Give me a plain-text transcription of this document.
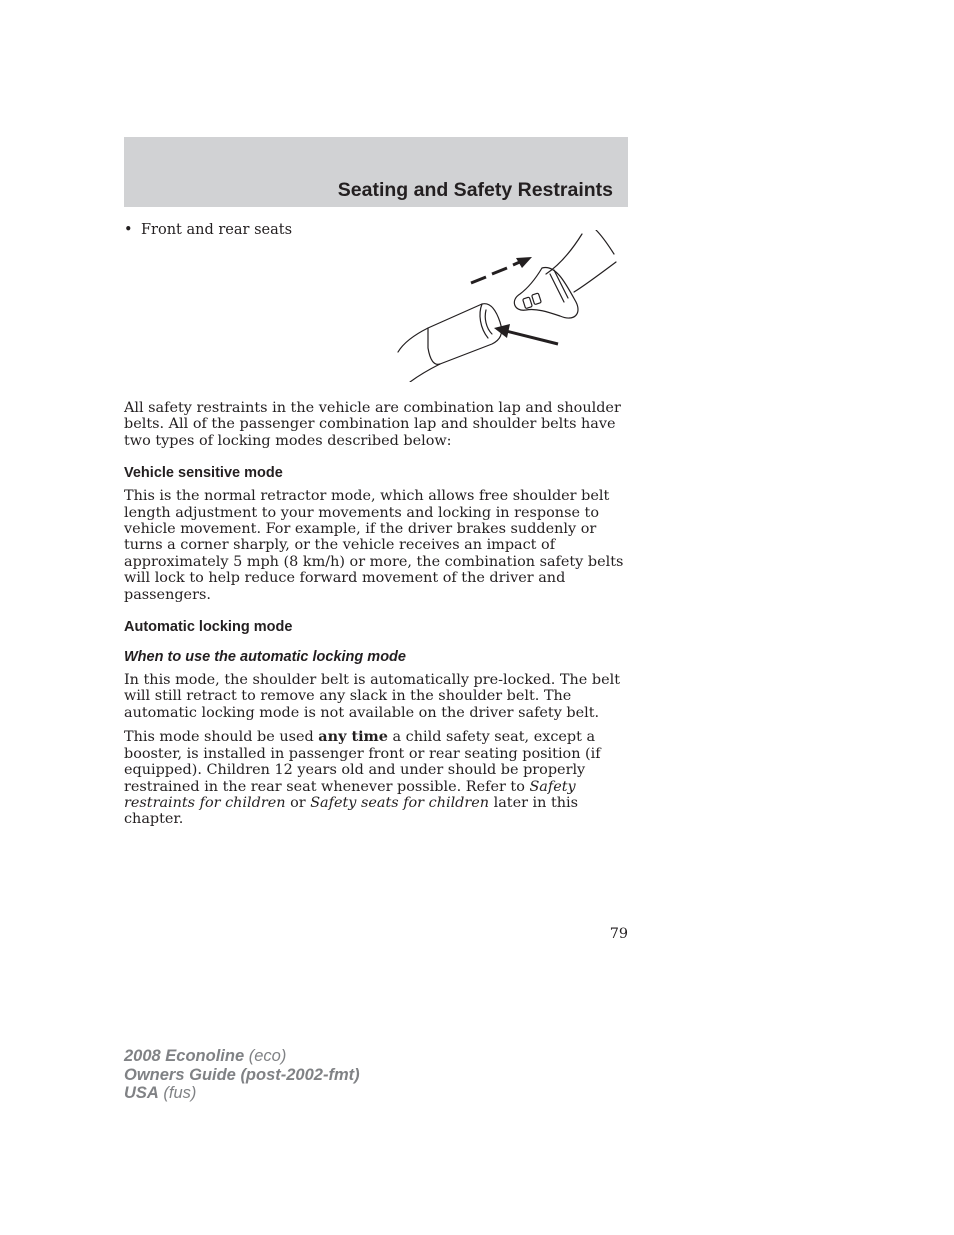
Seating and Safety Restraints
• Front and rear seats

All safety restraints in the vehicle are combination lap and shoulder belts. All of the passenger combination lap and shoulder belts have two types of locking modes described below:

Vehicle sensitive mode

This is the normal retractor mode, which allows free shoulder belt length adjustment to your movements and locking in response to vehicle movement. For example, if the driver brakes suddenly or turns a corner sharply, or the vehicle receives an impact of approximately 5 mph (8 km/h) or more, the combination safety belts will lock to help reduce forward movement of the driver and passengers.

Automatic locking mode
When to use the automatic locking mode

In this mode, the shoulder belt is automatically pre-locked. The belt will still retract to remove any slack in the shoulder belt. The automatic locking mode is not available on the driver safety belt.

This mode should be used any time a child safety seat, except a booster, is installed in passenger front or rear seating position (if equipped). Children 12 years old and under should be properly restrained in the rear seat whenever possible. Refer to Safety restraints for children or Safety seats for children later in this chapter.

79
2008 Econoline (eco)
Owners Guide (post-2002-fmt)
USA (fus)
